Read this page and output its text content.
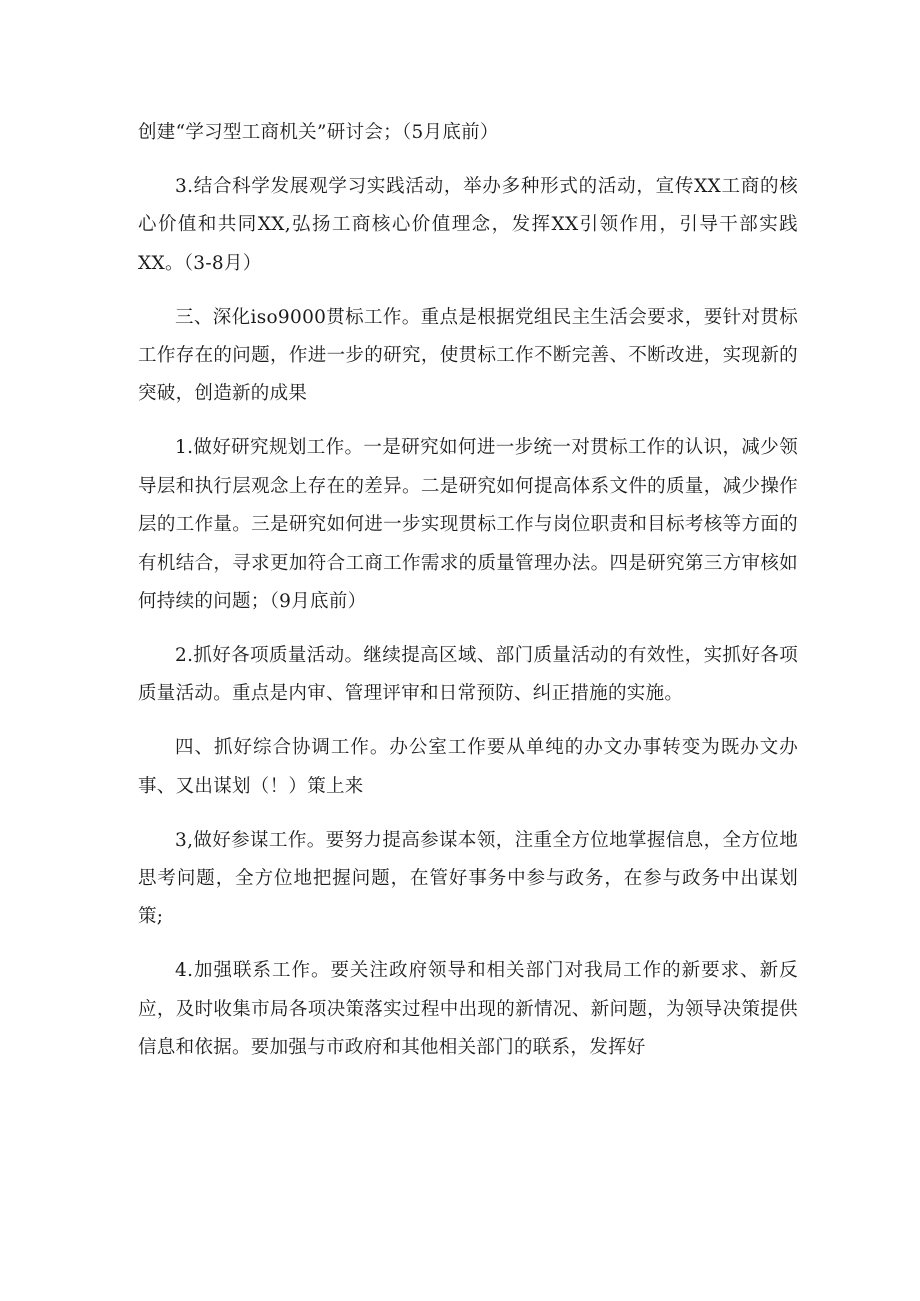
创建“学习型工商机关”研讨会；（5月底前）

3.结合科学发展观学习实践活动，举办多种形式的活动，宣传XX工商的核心价值和共同XX,弘扬工商核心价值理念，发挥XX引领作用，引导干部实践XX。（3-8月）

三、深化iso9000贯标工作。重点是根据党组民主生活会要求，要针对贯标工作存在的问题，作进一步的研究，使贯标工作不断完善、不断改进，实现新的突破，创造新的成果

1.做好研究规划工作。一是研究如何进一步统一对贯标工作的认识，减少领导层和执行层观念上存在的差异。二是研究如何提高体系文件的质量，减少操作层的工作量。三是研究如何进一步实现贯标工作与岗位职责和目标考核等方面的有机结合，寻求更加符合工商工作需求的质量管理办法。四是研究第三方审核如何持续的问题；（9月底前）

2.抓好各项质量活动。继续提高区域、部门质量活动的有效性，实抓好各项质量活动。重点是内审、管理评审和日常预防、纠正措施的实施。

四、抓好综合协调工作。办公室工作要从单纯的办文办事转变为既办文办事、又出谋划（！）策上来

3,做好参谋工作。要努力提高参谋本领，注重全方位地掌握信息，全方位地思考问题，全方位地把握问题，在管好事务中参与政务，在参与政务中出谋划策;

4.加强联系工作。要关注政府领导和相关部门对我局工作的新要求、新反应，及时收集市局各项决策落实过程中出现的新情况、新问题，为领导决策提供信息和依据。要加强与市政府和其他相关部门的联系，发挥好
